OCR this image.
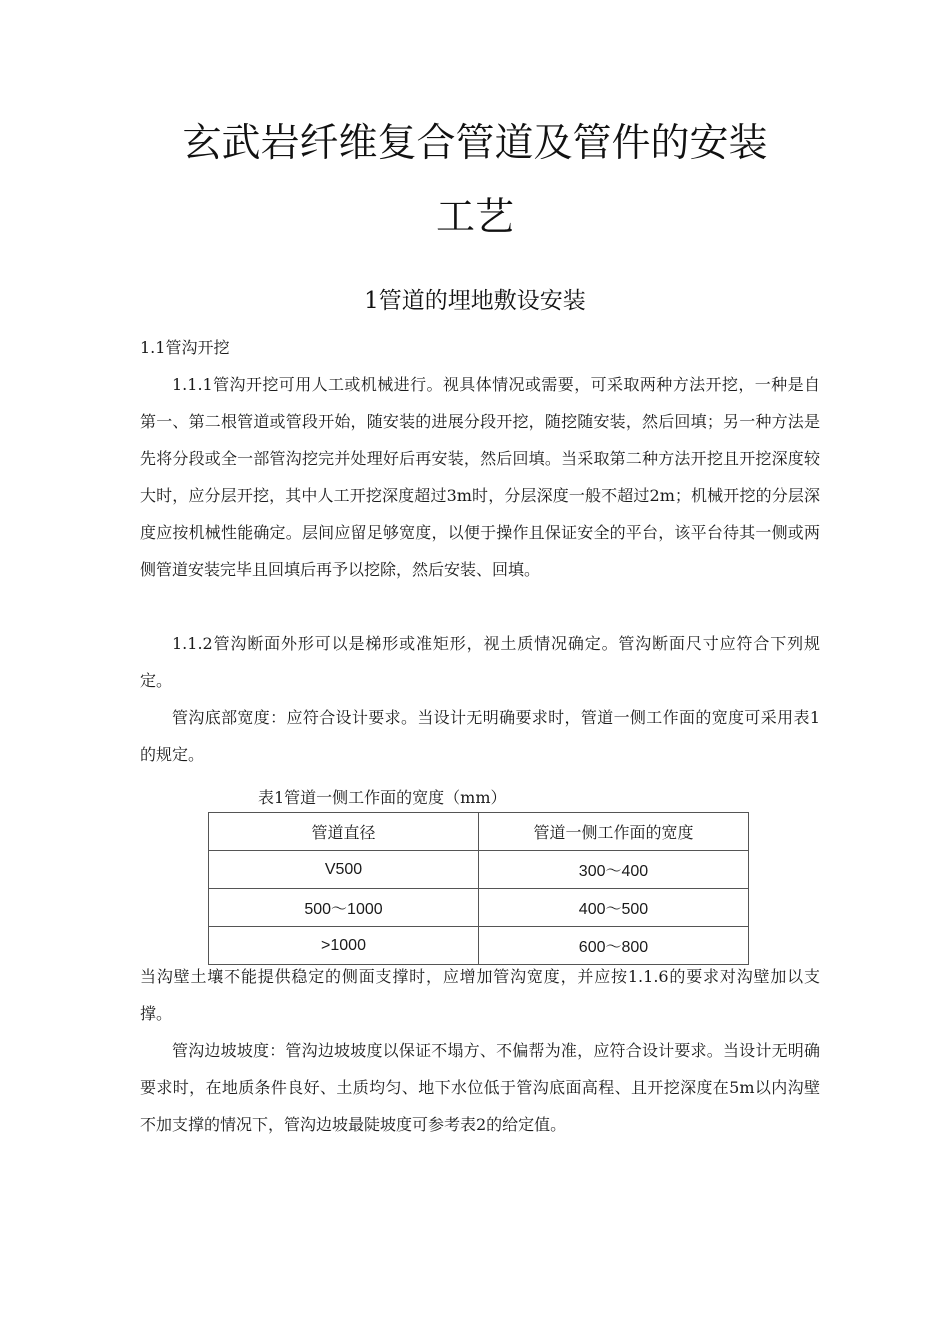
玄武岩纤维复合管道及管件的安装
工艺
1管道的埋地敷设安装
1.1管沟开挖

1.1.1管沟开挖可用人工或机械进行。视具体情况或需要，可采取两种方法开挖，一种是自第一、第二根管道或管段开始，随安装的进展分段开挖，随挖随安装，然后回填；另一种方法是先将分段或全一部管沟挖完并处理好后再安装，然后回填。当采取第二种方法开挖且开挖深度较大时，应分层开挖，其中人工开挖深度超过3m时，分层深度一般不超过2m；机械开挖的分层深度应按机械性能确定。层间应留足够宽度，以便于操作且保证安全的平台，该平台待其一侧或两侧管道安装完毕且回填后再予以挖除，然后安装、回填。

1.1.2管沟断面外形可以是梯形或准矩形，视土质情况确定。管沟断面尺寸应符合下列规定。

管沟底部宽度：应符合设计要求。当设计无明确要求时，管道一侧工作面的宽度可采用表1的规定。

表1管道一侧工作面的宽度（mm）
管道直径	管道一侧工作面的宽度
V500	300〜400
500〜1000	400〜500
>1000	600〜800

当沟壁土壤不能提供稳定的侧面支撑时，应增加管沟宽度，并应按1.1.6的要求对沟壁加以支撑。

管沟边坡坡度：管沟边坡坡度以保证不塌方、不偏帮为准，应符合设计要求。当设计无明确要求时，在地质条件良好、土质均匀、地下水位低于管沟底面高程、且开挖深度在5m以内沟壁不加支撑的情况下，管沟边坡最陡坡度可参考表2的给定值。
